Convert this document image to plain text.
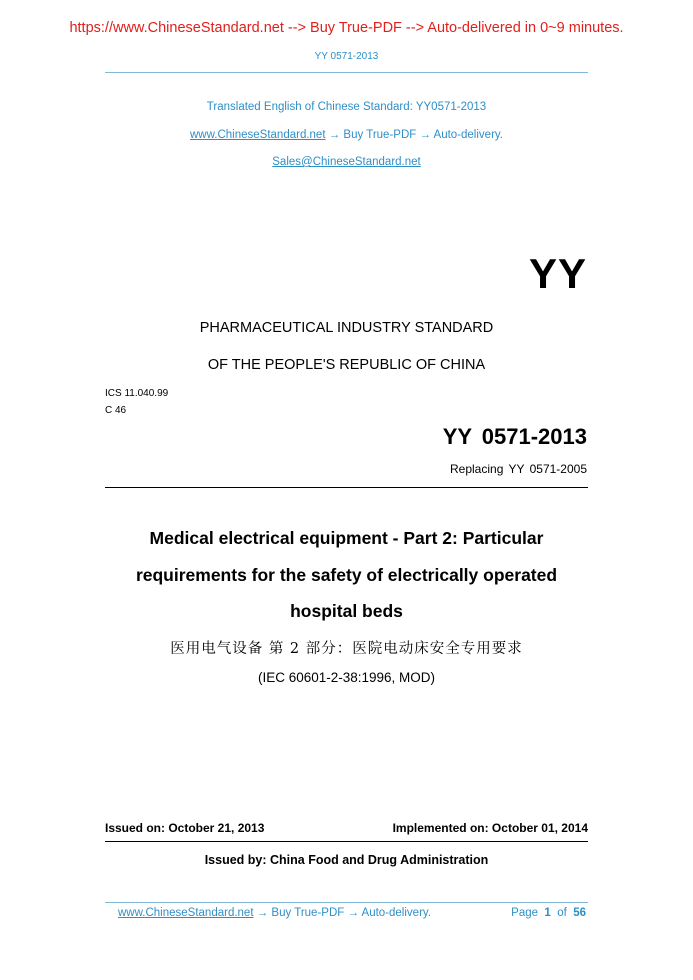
https://www.ChineseStandard.net --> Buy True-PDF --> Auto-delivered in 0~9 minutes.
YY 0571-2013
Translated English of Chinese Standard: YY0571-2013
www.ChineseStandard.net → Buy True-PDF → Auto-delivery.
Sales@ChineseStandard.net
YY
PHARMACEUTICAL INDUSTRY STANDARD
OF THE PEOPLE'S REPUBLIC OF CHINA
ICS 11.040.99
C 46
YY 0571-2013
Replacing YY 0571-2005
Medical electrical equipment - Part 2: Particular
requirements for the safety of electrically operated
hospital beds
医用电气设备 第 2 部分：医院电动床安全专用要求
(IEC 60601-2-38:1996, MOD)
Issued on: October 21, 2013	Implemented on: October 01, 2014
Issued by: China Food and Drug Administration
www.ChineseStandard.net → Buy True-PDF → Auto-delivery.	Page 1 of 56
